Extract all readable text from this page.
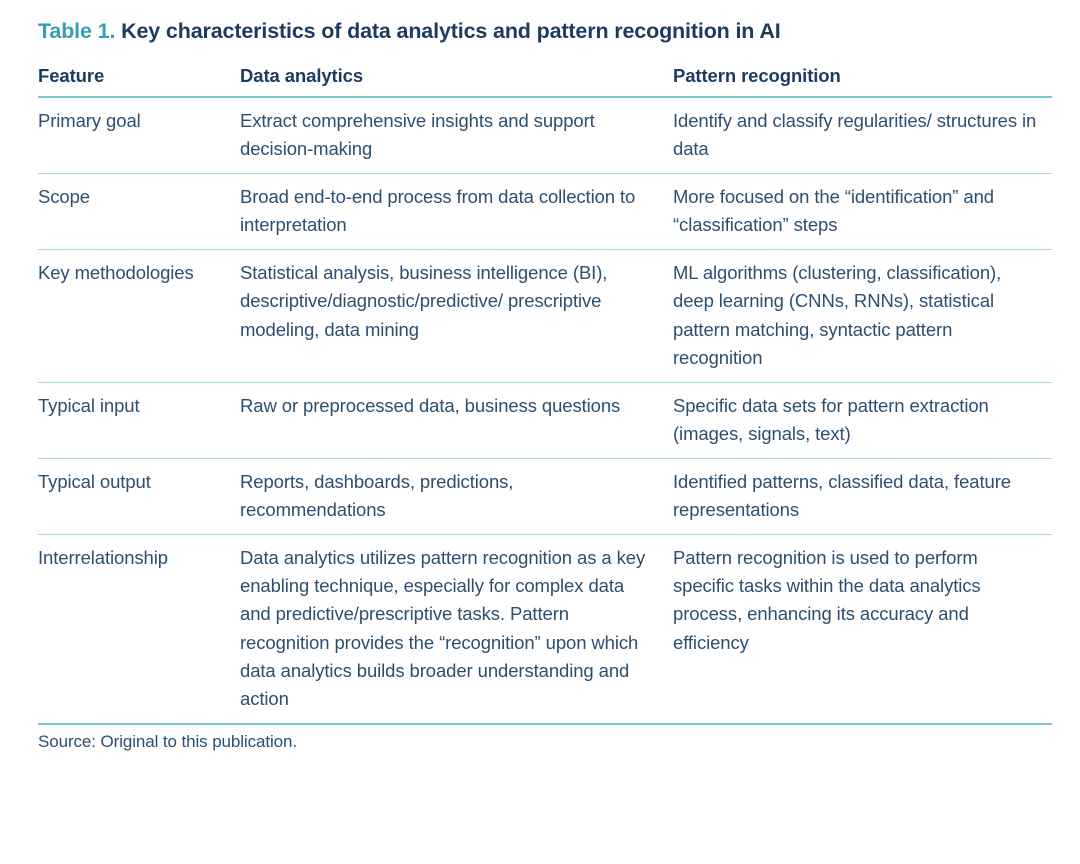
Table 1. Key characteristics of data analytics and pattern recognition in AI
Feature	Data analytics	Pattern recognition
Primary goal	Extract comprehensive insights and support decision-making	Identify and classify regularities/ structures in data
Scope	Broad end-to-end process from data collection to interpretation	More focused on the “identification” and “classification” steps
Key methodologies	Statistical analysis, business intelligence (BI), descriptive/diagnostic/predictive/ prescriptive modeling, data mining	ML algorithms (clustering, classification), deep learning (CNNs, RNNs), statistical pattern matching, syntactic pattern recognition
Typical input	Raw or preprocessed data, business questions	Specific data sets for pattern extraction (images, signals, text)
Typical output	Reports, dashboards, predictions, recommendations	Identified patterns, classified data, feature representations
Interrelationship	Data analytics utilizes pattern recognition as a key enabling technique, especially for complex data and predictive/prescriptive tasks. Pattern recognition provides the “recognition” upon which data analytics builds broader understanding and action	Pattern recognition is used to perform specific tasks within the data analytics process, enhancing its accuracy and efficiency
Source: Original to this publication.
